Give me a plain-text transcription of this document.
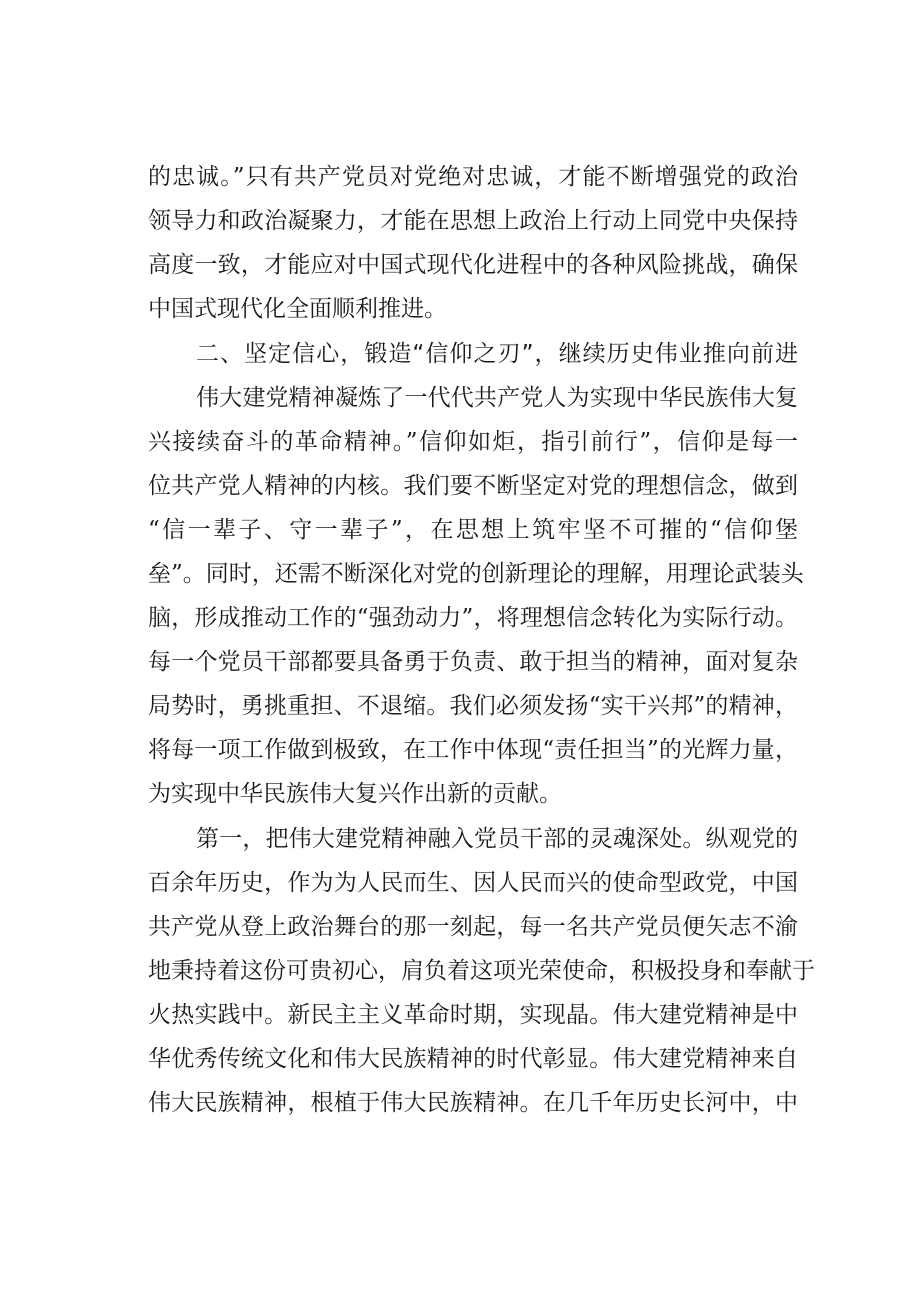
的忠诚。”只有共产党员对党绝对忠诚，才能不断增强党的政治
领导力和政治凝聚力，才能在思想上政治上行动上同党中央保持
高度一致，才能应对中国式现代化进程中的各种风险挑战，确保
中国式现代化全面顺利推进。
二、坚定信心，锻造“信仰之刃”，继续历史伟业推向前进
伟大建党精神凝炼了一代代共产党人为实现中华民族伟大复
兴接续奋斗的革命精神。”信仰如炬，指引前行”，信仰是每一
位共产党人精神的内核。我们要不断坚定对党的理想信念，做到
“信一辈子、守一辈子”，在思想上筑牢坚不可摧的“信仰堡
垒”。同时，还需不断深化对党的创新理论的理解，用理论武装头
脑，形成推动工作的“强劲动力”，将理想信念转化为实际行动。
每一个党员干部都要具备勇于负责、敢于担当的精神，面对复杂
局势时，勇挑重担、不退缩。我们必须发扬“实干兴邦”的精神，
将每一项工作做到极致，在工作中体现“责任担当”的光辉力量，
为实现中华民族伟大复兴作出新的贡献。
第一，把伟大建党精神融入党员干部的灵魂深处。纵观党的
百余年历史，作为为人民而生、因人民而兴的使命型政党，中国
共产党从登上政治舞台的那一刻起，每一名共产党员便矢志不渝
地秉持着这份可贵初心，肩负着这项光荣使命，积极投身和奉献于
火热实践中。新民主主义革命时期，实现晶。伟大建党精神是中
华优秀传统文化和伟大民族精神的时代彰显。伟大建党精神来自
伟大民族精神，根植于伟大民族精神。在几千年历史长河中，中
